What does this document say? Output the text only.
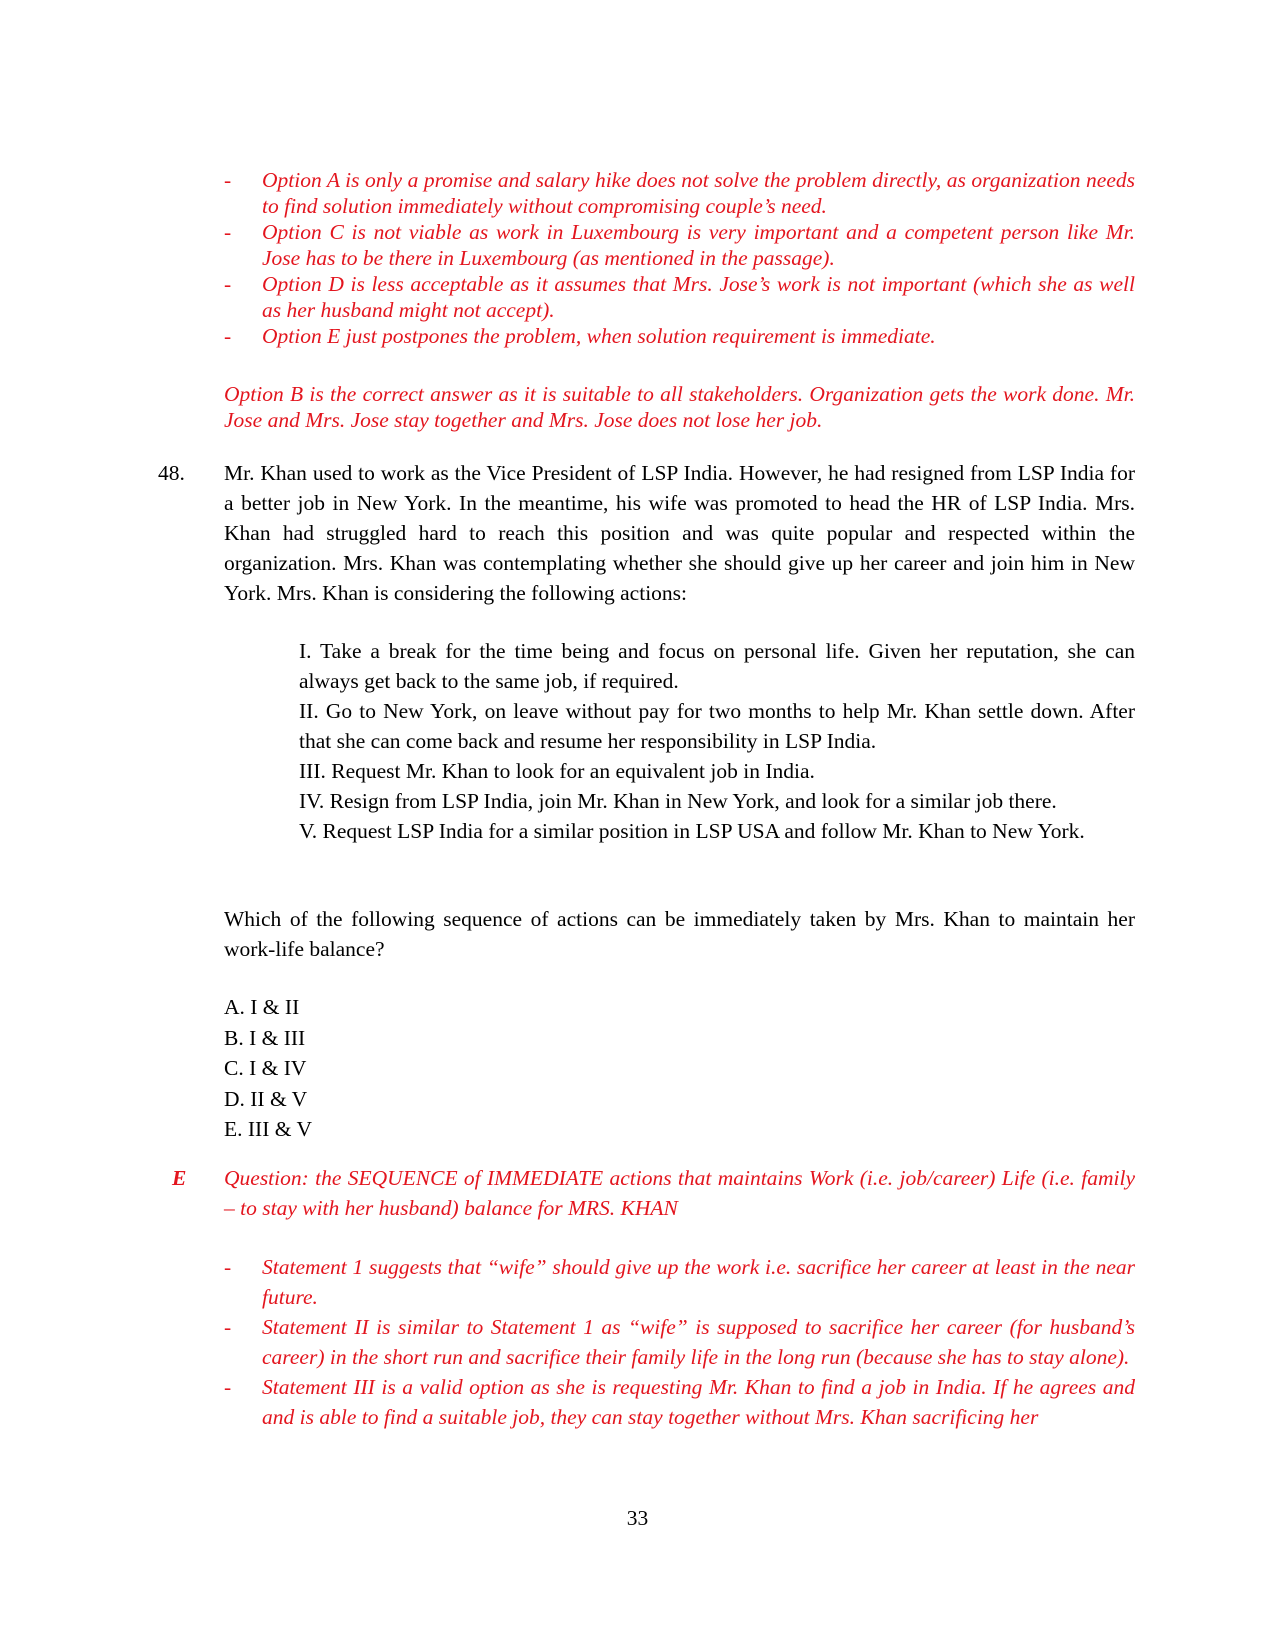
- Option A is only a promise and salary hike does not solve the problem directly, as organization needs to find solution immediately without compromising couple’s need.
- Option C is not viable as work in Luxembourg is very important and a competent person like Mr. Jose has to be there in Luxembourg (as mentioned in the passage).
- Option D is less acceptable as it assumes that Mrs. Jose’s work is not important (which she as well as her husband might not accept).
- Option E just postpones the problem, when solution requirement is immediate.
Option B is the correct answer as it is suitable to all stakeholders. Organization gets the work done. Mr. Jose and Mrs. Jose stay together and Mrs. Jose does not lose her job.
48. Mr. Khan used to work as the Vice President of LSP India. However, he had resigned from LSP India for a better job in New York. In the meantime, his wife was promoted to head the HR of LSP India. Mrs. Khan had struggled hard to reach this position and was quite popular and respected within the organization. Mrs. Khan was contemplating whether she should give up her career and join him in New York. Mrs. Khan is considering the following actions:
I. Take a break for the time being and focus on personal life. Given her reputation, she can always get back to the same job, if required.
II. Go to New York, on leave without pay for two months to help Mr. Khan settle down. After that she can come back and resume her responsibility in LSP India.
III. Request Mr. Khan to look for an equivalent job in India.
IV. Resign from LSP India, join Mr. Khan in New York, and look for a similar job there.
V. Request LSP India for a similar position in LSP USA and follow Mr. Khan to New York.
Which of the following sequence of actions can be immediately taken by Mrs. Khan to maintain her work-life balance?
A. I & II
B. I & III
C. I & IV
D. II & V
E. III & V
E Question: the SEQUENCE of IMMEDIATE actions that maintains Work (i.e. job/career) Life (i.e. family – to stay with her husband) balance for MRS. KHAN
- Statement 1 suggests that “wife” should give up the work i.e. sacrifice her career at least in the near future.
- Statement II is similar to Statement 1 as “wife” is supposed to sacrifice her career (for husband’s career) in the short run and sacrifice their family life in the long run (because she has to stay alone).
- Statement III is a valid option as she is requesting Mr. Khan to find a job in India. If he agrees and and is able to find a suitable job, they can stay together without Mrs. Khan sacrificing her
33
